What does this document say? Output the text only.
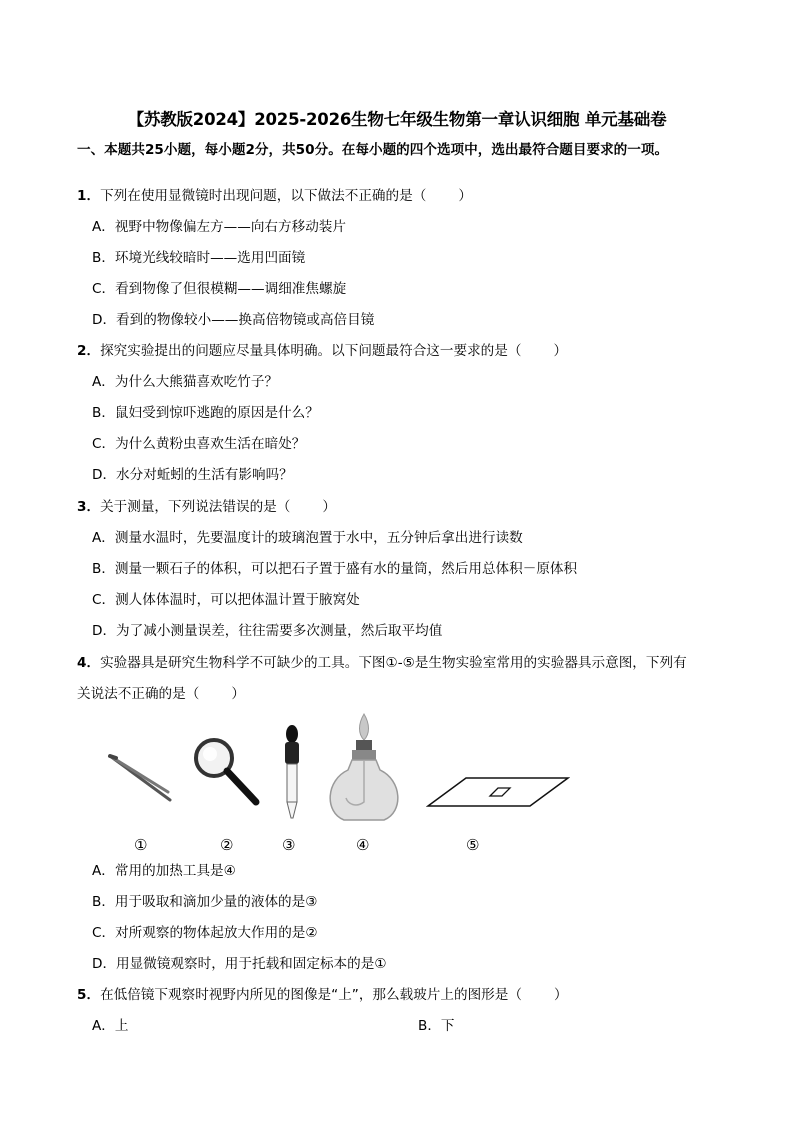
【苏教版2024】2025-2026生物七年级生物第一章认识细胞 单元基础卷
一、本题共25小题，每小题2分，共50分。在每小题的四个选项中，选出最符合题目要求的一项。
1．下列在使用显微镜时出现问题，以下做法不正确的是（ ）
A．视野中物像偏左方——向右方移动装片
B．环境光线较暗时——选用凹面镜
C．看到物像了但很模糊——调细准焦螺旋
D．看到的物像较小——换高倍物镜或高倍目镜
2．探究实验提出的问题应尽量具体明确。以下问题最符合这一要求的是（ ）
A．为什么大熊猫喜欢吃竹子？
B．鼠妇受到惊吓逃跑的原因是什么？
C．为什么黄粉虫喜欢生活在暗处？
D．水分对蚯蚓的生活有影响吗？
3．关于测量，下列说法错误的是（ ）
A．测量水温时，先要温度计的玻璃泡置于水中，五分钟后拿出进行读数
B．测量一颗石子的体积，可以把石子置于盛有水的量筒，然后用总体积－原体积
C．测人体体温时，可以把体温计置于腋窝处
D．为了减小测量误差，往往需要多次测量，然后取平均值
4．实验器具是研究生物科学不可缺少的工具。下图①-⑤是生物实验室常用的实验器具示意图，下列有
关说法不正确的是（ ）
①	②	③	④	⑤
A．常用的加热工具是④
B．用于吸取和滴加少量的液体的是③
C．对所观察的物体起放大作用的是②
D．用显微镜观察时，用于托载和固定标本的是①
5．在低倍镜下观察时视野内所见的图像是“上”，那么载玻片上的图形是（ ）
A．上	B．下
